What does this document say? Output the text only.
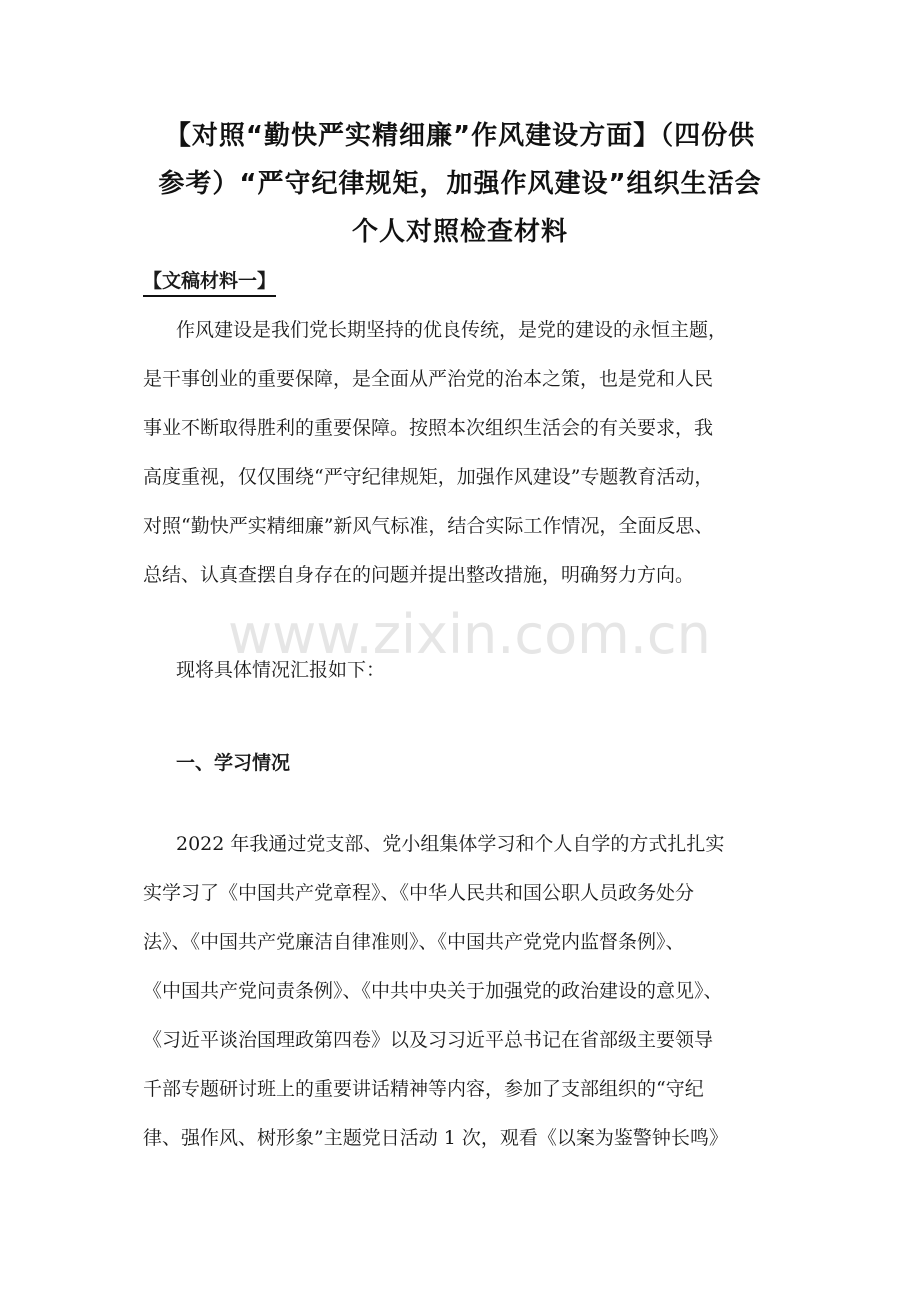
www.zixin.com.cn
【对照“勤快严实精细廉”作风建设方面】（四份供
参考）“严守纪律规矩，加强作风建设”组织生活会
个人对照检查材料
【文稿材料一】
作风建设是我们党长期坚持的优良传统，是党的建设的永恒主题，
是干事创业的重要保障，是全面从严治党的治本之策，也是党和人民
事业不断取得胜利的重要保障。按照本次组织生活会的有关要求，我
高度重视，仅仅围绕“严守纪律规矩，加强作风建设”专题教育活动，
对照“勤快严实精细廉”新风气标准，结合实际工作情况，全面反思、
总结、认真查摆自身存在的问题并提出整改措施，明确努力方向。
现将具体情况汇报如下：
一、学习情况
2022 年我通过党支部、党小组集体学习和个人自学的方式扎扎实
实学习了《中国共产党章程》、《中华人民共和国公职人员政务处分
法》、《中国共产党廉洁自律准则》、《中国共产党党内监督条例》、
《中国共产党问责条例》、《中共中央关于加强党的政治建设的意见》、
《习近平谈治国理政第四卷》以及习习近平总书记在省部级主要领导
千部专题研讨班上的重要讲话精神等内容，参加了支部组织的“守纪
律、强作风、树形象”主题党日活动 1 次，观看《以案为鉴警钟长鸣》
